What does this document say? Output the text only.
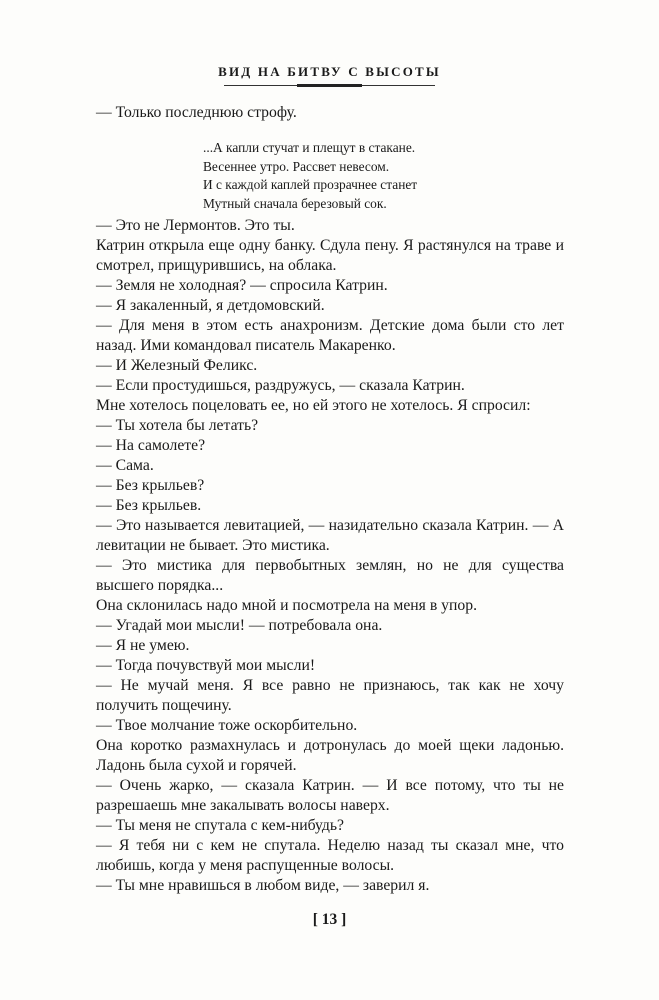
ВИД НА БИТВУ С ВЫСОТЫ

— Только последнюю строфу.

...А капли стучат и плещут в стакане.
Весеннее утро. Рассвет невесом.
И с каждой каплей прозрачнее станет
Мутный сначала березовый сок.

— Это не Лермонтов. Это ты.

Катрин открыла еще одну банку. Сдула пену. Я растянулся на траве и смотрел, прищурившись, на облака.

— Земля не холодная? — спросила Катрин.

— Я закаленный, я детдомовский.

— Для меня в этом есть анахронизм. Детские дома были сто лет назад. Ими командовал писатель Макаренко.

— И Железный Феликс.

— Если простудишься, раздружусь, — сказала Катрин.

Мне хотелось поцеловать ее, но ей этого не хотелось. Я спросил:

— Ты хотела бы летать?

— На самолете?

— Сама.

— Без крыльев?

— Без крыльев.

— Это называется левитацией, — назидательно сказала Катрин. — А левитации не бывает. Это мистика.

— Это мистика для первобытных землян, но не для существа высшего порядка...

Она склонилась надо мной и посмотрела на меня в упор.

— Угадай мои мысли! — потребовала она.

— Я не умею.

— Тогда почувствуй мои мысли!

— Не мучай меня. Я все равно не признаюсь, так как не хочу получить пощечину.

— Твое молчание тоже оскорбительно.

Она коротко размахнулась и дотронулась до моей щеки ладонью. Ладонь была сухой и горячей.

— Очень жарко, — сказала Катрин. — И все потому, что ты не разрешаешь мне закалывать волосы наверх.

— Ты меня не спутала с кем-нибудь?

— Я тебя ни с кем не спутала. Неделю назад ты сказал мне, что любишь, когда у меня распущенные волосы.

— Ты мне нравишься в любом виде, — заверил я.

[ 13 ]
